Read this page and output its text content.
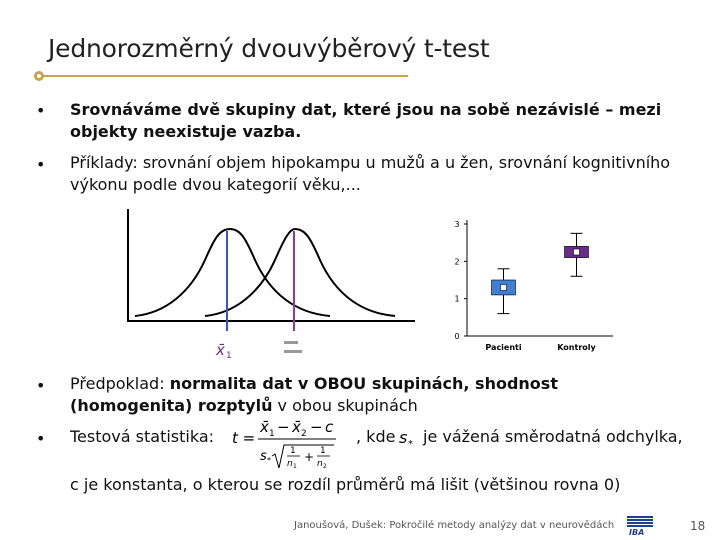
Jednorozměrný dvouvýběrový t-test
• Srovnáváme dvě skupiny dat, které jsou na sobě nezávislé – mezi objekty neexistuje vazba.
• Příklady: srovnání objem hipokampu u mužů a u žen, srovnání kognitivního výkonu podle dvou kategorií věku,...
x̄ 1
0
1
2
3
Pacienti	Kontroly
• Předpoklad: normalita dat v OBOU skupinách, shodnost (homogenita) rozptylů v obou skupinách
• Testová statistika:	t =
x̄ 1 − x̄ 2 − c
s *
1
n 1
+ 1
n 2
, kde s * je vážená směrodatná odchylka,
c je konstanta, o kterou se rozdíl průměrů má lišit (většinou rovna 0)
Janoušová, Dušek: Pokročilé metody analýzy dat v neurovědách
IBA	18
